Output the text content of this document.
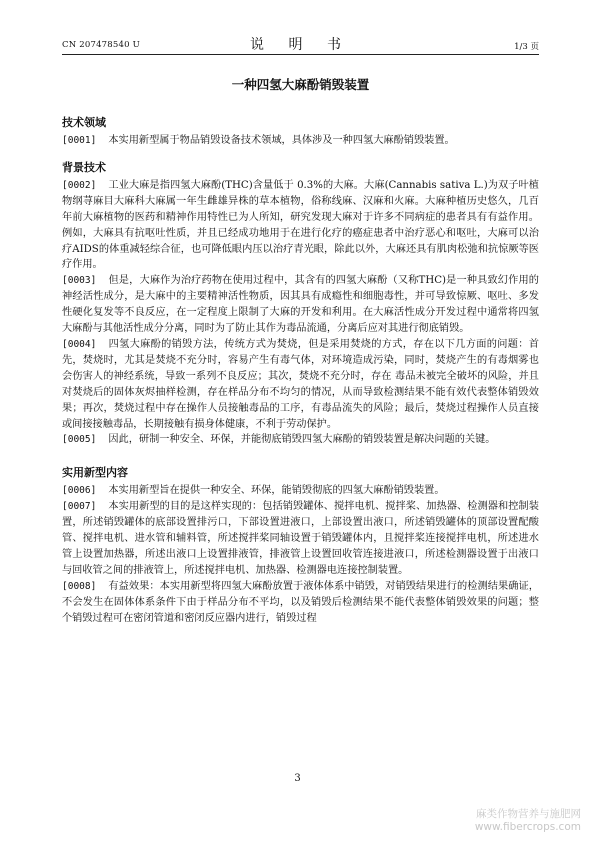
CN 207478540 U	说 明 书	1/3 页
一种四氢大麻酚销毁装置
技术领域

[0001] 本实用新型属于物品销毁设备技术领域，具体涉及一种四氢大麻酚销毁装置。

背景技术

[0002] 工业大麻是指四氢大麻酚(THC)含量低于 0.3%的大麻。大麻(Cannabis sativa L.)为双子叶植物纲荨麻目大麻科大麻属一年生雌雄异株的草本植物，俗称线麻、汉麻和火麻。大麻种植历史悠久，几百年前大麻植物的医药和精神作用特性已为人所知，研究发现大麻对于许多不同病症的患者具有有益作用。例如，大麻具有抗呕吐性质，并且已经成功地用于在进行化疗的癌症患者中治疗恶心和呕吐，大麻可以治疗AIDS的体重减轻综合征，也可降低眼内压以治疗青光眼，除此以外，大麻还具有肌肉松弛和抗惊厥等医疗作用。

[0003] 但是，大麻作为治疗药物在使用过程中，其含有的四氢大麻酚（又称THC)是一种具致幻作用的神经活性成分，是大麻中的主要精神活性物质，因其具有成瘾性和细胞毒性，并可导致惊厥、呕吐、多发性硬化复发等不良反应，在一定程度上限制了大麻的开发和利用。在大麻活性成分开发过程中通常将四氢大麻酚与其他活性成分分离，同时为了防止其作为毒品流通，分离后应对其进行彻底销毁。

[0004] 四氢大麻酚的销毁方法，传统方式为焚烧，但是采用焚烧的方式，存在以下几方面的问题：首先，焚烧时，尤其是焚烧不充分时，容易产生有毒气体，对环境造成污染，同时，焚烧产生的有毒烟雾也会伤害人的神经系统，导致一系列不良反应；其次，焚烧不充分时，存在 毒品未被完全破坏的风险，并且对焚烧后的固体灰烬抽样检测，存在样品分布不均匀的情况，从而导致检测结果不能有效代表整体销毁效果；再次，焚烧过程中存在操作人员接触毒品的工序，有毒品流失的风险；最后，焚烧过程操作人员直接或间接接触毒品，长期接触有损身体健康，不利于劳动保护。

[0005] 因此，研制一种安全、环保，并能彻底销毁四氢大麻酚的销毁装置是解决问题的关键。

实用新型内容

[0006] 本实用新型旨在提供一种安全、环保，能销毁彻底的四氢大麻酚销毁装置。

[0007] 本实用新型的目的是这样实现的：包括销毁罐体、搅拌电机、搅拌桨、加热器、检测器和控制装置，所述销毁罐体的底部设置排污口，下部设置进液口，上部设置出液口，所述销毁罐体的顶部设置配酸管、搅拌电机、进水管和辅料管，所述搅拌桨同轴设置于销毁罐体内，且搅拌桨连接搅拌电机，所述进水管上设置加热器，所述出液口上设置排液管，排液管上设置回收管连接进液口，所述检测器设置于出液口与回收管之间的排液管上，所述搅拌电机、加热器、检测器电连接控制装置。

[0008] 有益效果：本实用新型将四氢大麻酚放置于液体体系中销毁，对销毁结果进行的检测结果确证，不会发生在固体体系条件下由于样品分布不平均，以及销毁后检测结果不能代表整体销毁效果的问题；整个销毁过程可在密闭管道和密闭反应器内进行，销毁过程

3
麻类作物营养与施肥网
www.fibercrops.com
